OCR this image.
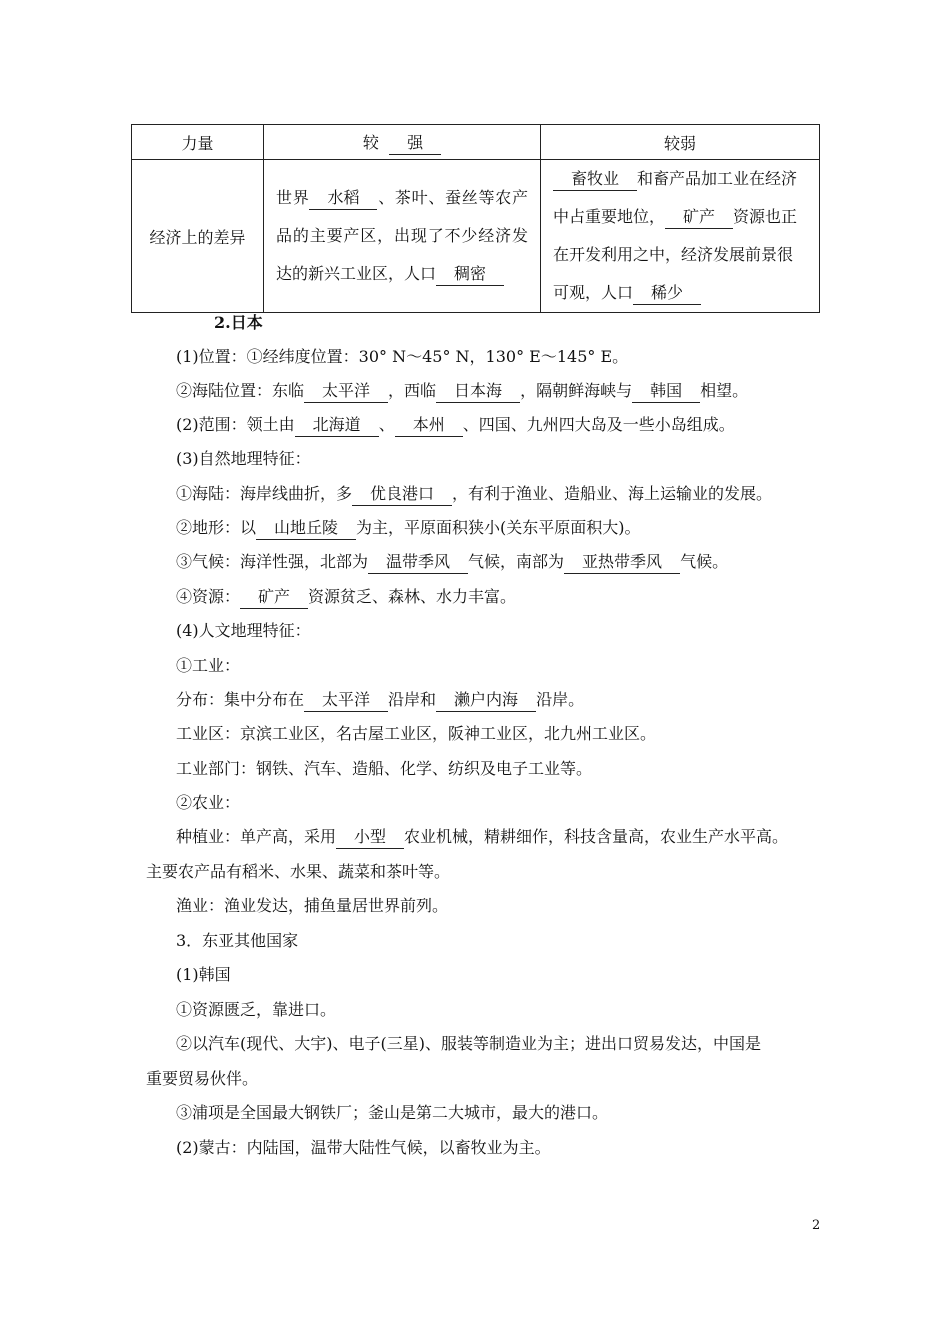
力量	较 强	较弱
经济上的差异	世界 水稻 、茶叶、蚕丝等农产品的主要产区，出现了不少经济发达的新兴工业区，人口 稠密	畜牧业 和畜产品加工业在经济中占重要地位， 矿产 资源也正在开发利用之中，经济发展前景很可观，人口 稀少
2.日本
(1)位置：①经纬度位置：30° N～45° N，130° E～145° E。
②海陆位置：东临 太平洋 ，西临 日本海 ，隔朝鲜海峡与 韩国 相望。
(2)范围：领土由 北海道 、 本州 、四国、九州四大岛及一些小岛组成。
(3)自然地理特征：
①海陆：海岸线曲折，多 优良港口 ，有利于渔业、造船业、海上运输业的发展。
②地形：以 山地丘陵 为主，平原面积狭小(关东平原面积大)。
③气候：海洋性强，北部为 温带季风 气候，南部为 亚热带季风 气候。
④资源： 矿产 资源贫乏、森林、水力丰富。
(4)人文地理特征：
①工业：
分布：集中分布在 太平洋 沿岸和 濑户内海 沿岸。
工业区：京滨工业区，名古屋工业区，阪神工业区，北九州工业区。
工业部门：钢铁、汽车、造船、化学、纺织及电子工业等。
②农业：
种植业：单产高，采用 小型 农业机械，精耕细作，科技含量高，农业生产水平高。
主要农产品有稻米、水果、蔬菜和茶叶等。
渔业：渔业发达，捕鱼量居世界前列。
3．东亚其他国家
(1)韩国
①资源匮乏，靠进口。
②以汽车(现代、大宇)、电子(三星)、服装等制造业为主；进出口贸易发达，中国是
重要贸易伙伴。
③浦项是全国最大钢铁厂；釜山是第二大城市，最大的港口。
(2)蒙古：内陆国，温带大陆性气候，以畜牧业为主。
2
